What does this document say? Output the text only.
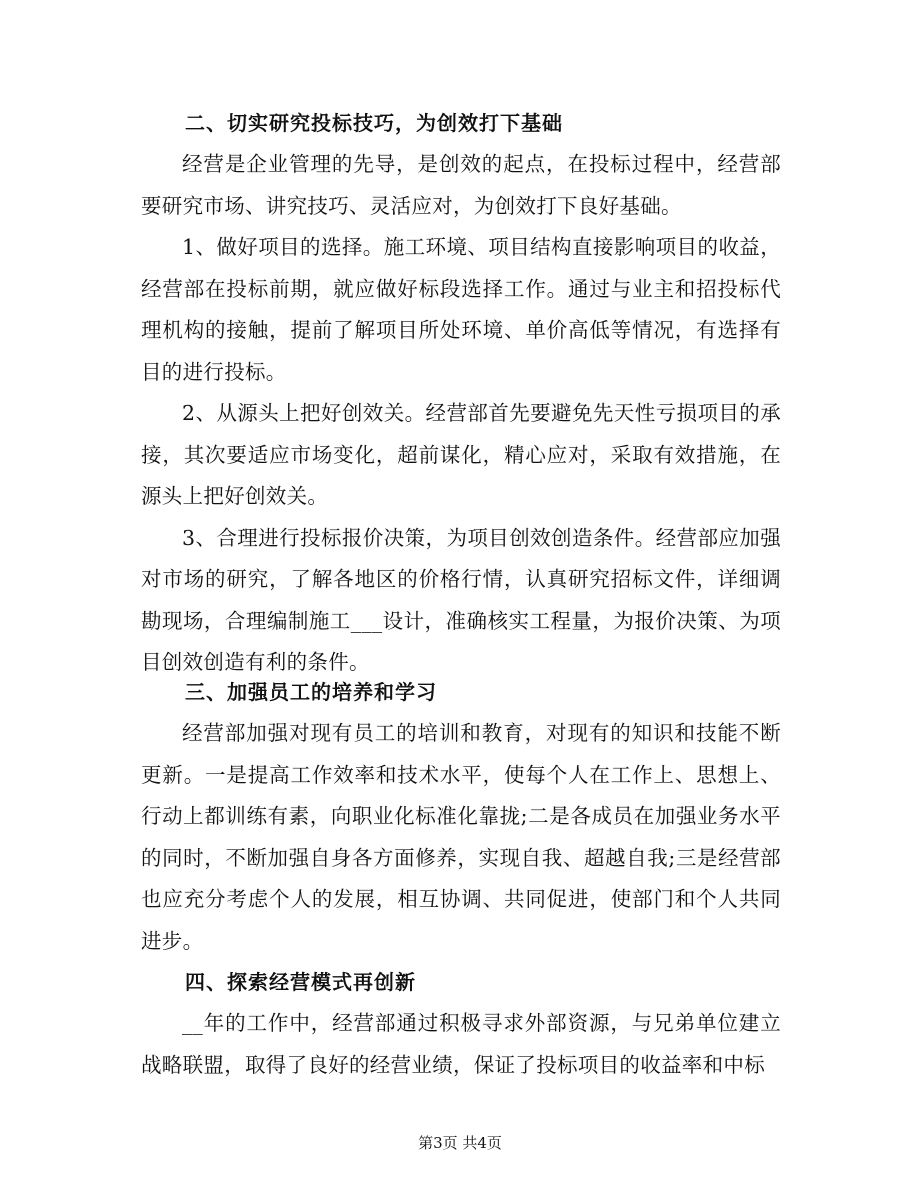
二、切实研究投标技巧，为创效打下基础

经营是企业管理的先导，是创效的起点，在投标过程中，经营部要研究市场、讲究技巧、灵活应对，为创效打下良好基础。

1、做好项目的选择。施工环境、项目结构直接影响项目的收益，经营部在投标前期，就应做好标段选择工作。通过与业主和招投标代理机构的接触，提前了解项目所处环境、单价高低等情况，有选择有目的进行投标。

2、从源头上把好创效关。经营部首先要避免先天性亏损项目的承接，其次要适应市场变化，超前谋化，精心应对，采取有效措施，在源头上把好创效关。

3、合理进行投标报价决策，为项目创效创造条件。经营部应加强对市场的研究，了解各地区的价格行情，认真研究招标文件，详细调勘现场，合理编制施工___设计，准确核实工程量，为报价决策、为项目创效创造有利的条件。

三、加强员工的培养和学习

经营部加强对现有员工的培训和教育，对现有的知识和技能不断更新。一是提高工作效率和技术水平，使每个人在工作上、思想上、行动上都训练有素，向职业化标准化靠拢;二是各成员在加强业务水平的同时，不断加强自身各方面修养，实现自我、超越自我;三是经营部也应充分考虑个人的发展，相互协调、共同促进，使部门和个人共同进步。

四、探索经营模式再创新

__年的工作中，经营部通过积极寻求外部资源，与兄弟单位建立战略联盟，取得了良好的经营业绩，保证了投标项目的收益率和中标

第3页 共4页
